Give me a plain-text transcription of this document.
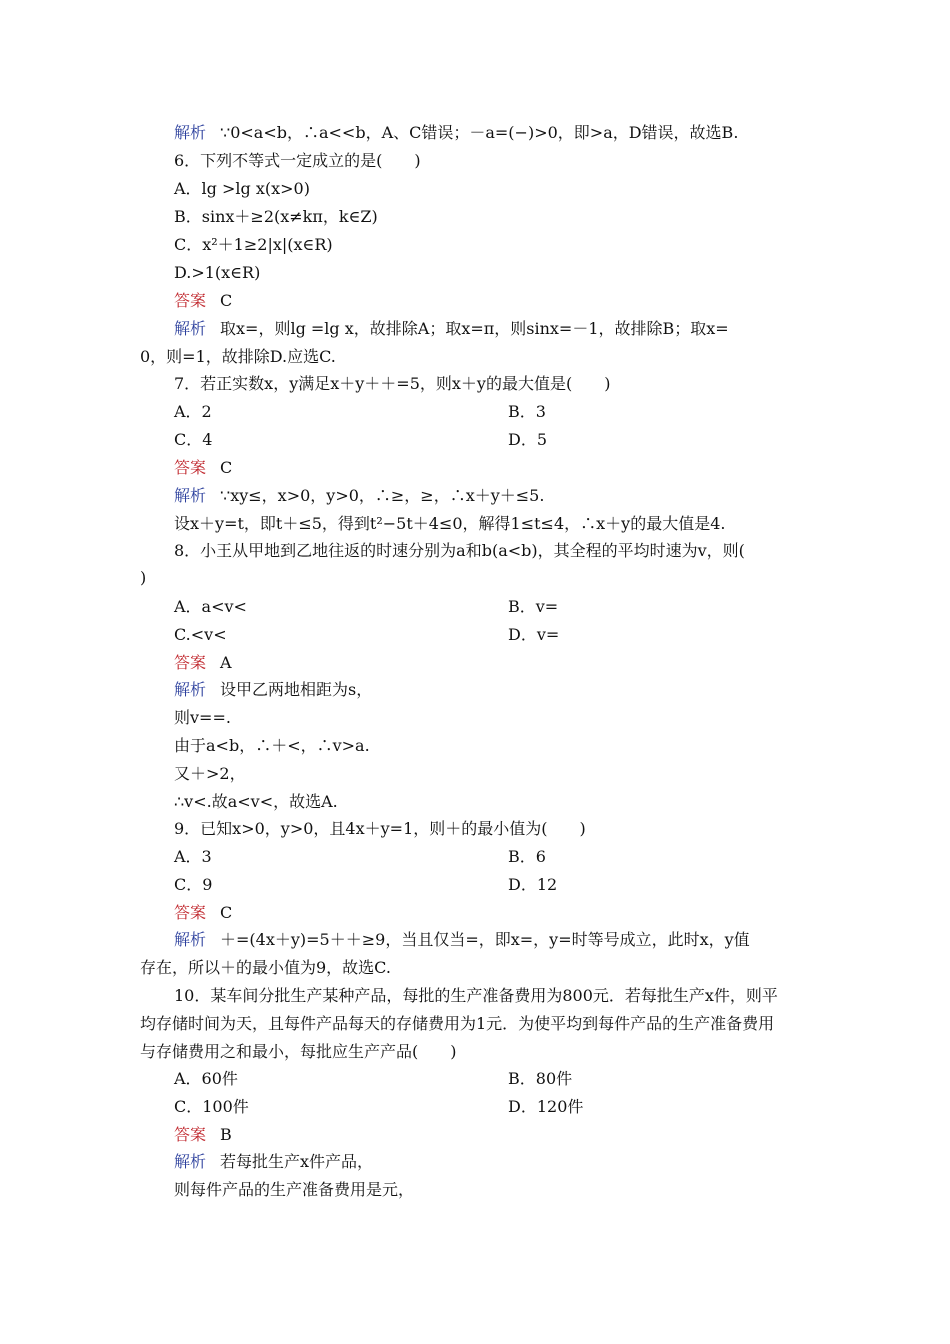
解析 ∵0<a<b，∴a<<b，A、C错误；－a=(−)>0，即>a，D错误，故选B.
6．下列不等式一定成立的是(　　)
A．lg >lg x(x>0)
B．sinx＋≥2(x≠kπ，k∈Z)
C．x²＋1≥2|x|(x∈R)
D.>1(x∈R)
答案 C
解析 取x=，则lg =lg x，故排除A；取x=π，则sinx=－1，故排除B；取x=
0，则=1，故排除D.应选C.
7．若正实数x，y满足x＋y＋＋=5，则x＋y的最大值是(　　)
A．2	B．3
C．4	D．5
答案 C
解析 ∵xy≤，x>0，y>0，∴≥，≥，∴x＋y＋≤5.
设x＋y=t，即t＋≤5，得到t²−5t＋4≤0，解得1≤t≤4，∴x＋y的最大值是4.
8．小王从甲地到乙地往返的时速分别为a和b(a<b)，其全程的平均时速为v，则(
)
A．a<v<	B．v=
C.<v<	D．v=
答案 A
解析 设甲乙两地相距为s，
则v==.
由于a<b，∴＋<，∴v>a.
又＋>2，
∴v<.故a<v<，故选A.
9．已知x>0，y>0，且4x＋y=1，则＋的最小值为(　　)
A．3	B．6
C．9	D．12
答案 C
解析 ＋=(4x＋y)=5＋＋≥9，当且仅当=，即x=，y=时等号成立，此时x，y值
存在，所以＋的最小值为9，故选C.
10．某车间分批生产某种产品，每批的生产准备费用为800元．若每批生产x件，则平
均存储时间为天，且每件产品每天的存储费用为1元．为使平均到每件产品的生产准备费用
与存储费用之和最小，每批应生产产品(　　)
A．60件	B．80件
C．100件	D．120件
答案 B
解析 若每批生产x件产品，
则每件产品的生产准备费用是元，
